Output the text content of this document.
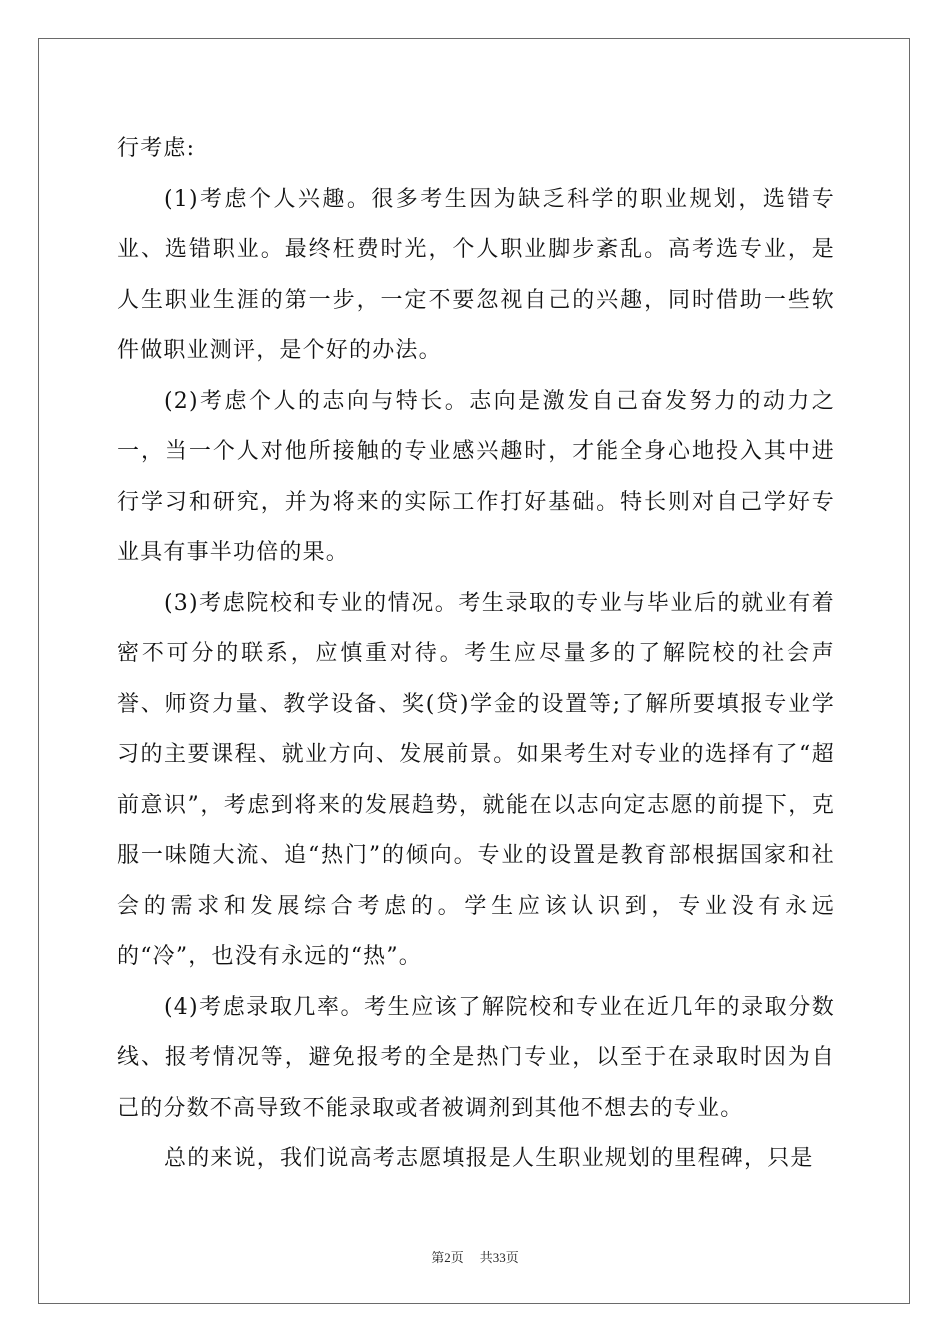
行考虑:

(1)考虑个人兴趣。很多考生因为缺乏科学的职业规划，选错专业、选错职业。最终枉费时光，个人职业脚步紊乱。高考选专业，是人生职业生涯的第一步，一定不要忽视自己的兴趣，同时借助一些软件做职业测评，是个好的办法。

(2)考虑个人的志向与特长。志向是激发自己奋发努力的动力之一，当一个人对他所接触的专业感兴趣时，才能全身心地投入其中进行学习和研究，并为将来的实际工作打好基础。特长则对自己学好专业具有事半功倍的果。

(3)考虑院校和专业的情况。考生录取的专业与毕业后的就业有着密不可分的联系，应慎重对待。考生应尽量多的了解院校的社会声誉、师资力量、教学设备、奖(贷)学金的设置等;了解所要填报专业学习的主要课程、就业方向、发展前景。如果考生对专业的选择有了“超前意识”，考虑到将来的发展趋势，就能在以志向定志愿的前提下，克服一味随大流、追“热门”的倾向。专业的设置是教育部根据国家和社会的需求和发展综合考虑的。学生应该认识到，专业没有永远的“冷”，也没有永远的“热”。

(4)考虑录取几率。考生应该了解院校和专业在近几年的录取分数线、报考情况等，避免报考的全是热门专业，以至于在录取时因为自己的分数不高导致不能录取或者被调剂到其他不想去的专业。

总的来说，我们说高考志愿填报是人生职业规划的里程碑，只是

第2页 共33页
